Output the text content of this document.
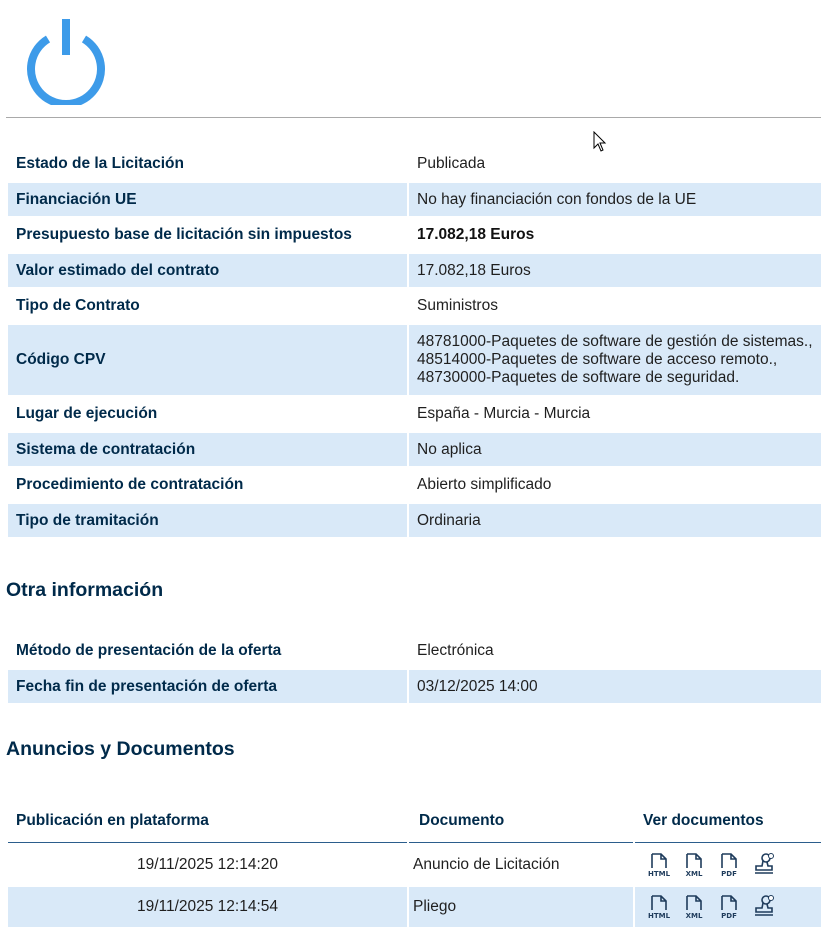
Estado de la Licitación	Publicada
Financiación UE	No hay financiación con fondos de la UE
Presupuesto base de licitación sin impuestos	17.082,18 Euros
Valor estimado del contrato	17.082,18 Euros
Tipo de Contrato	Suministros
Código CPV	48781000-Paquetes de software de gestión de sistemas., 48514000-Paquetes de software de acceso remoto., 48730000-Paquetes de software de seguridad.
Lugar de ejecución	España - Murcia - Murcia
Sistema de contratación	No aplica
Procedimiento de contratación	Abierto simplificado
Tipo de tramitación	Ordinaria
Otra información
Método de presentación de la oferta	Electrónica
Fecha fin de presentación de oferta	03/12/2025 14:00
Anuncios y Documentos
Publicación en plataforma	Documento	Ver documentos
19/11/2025 12:14:20	Anuncio de Licitación	HTML XML PDF

19/11/2025 12:14:54	Pliego	HTML XML PDF
